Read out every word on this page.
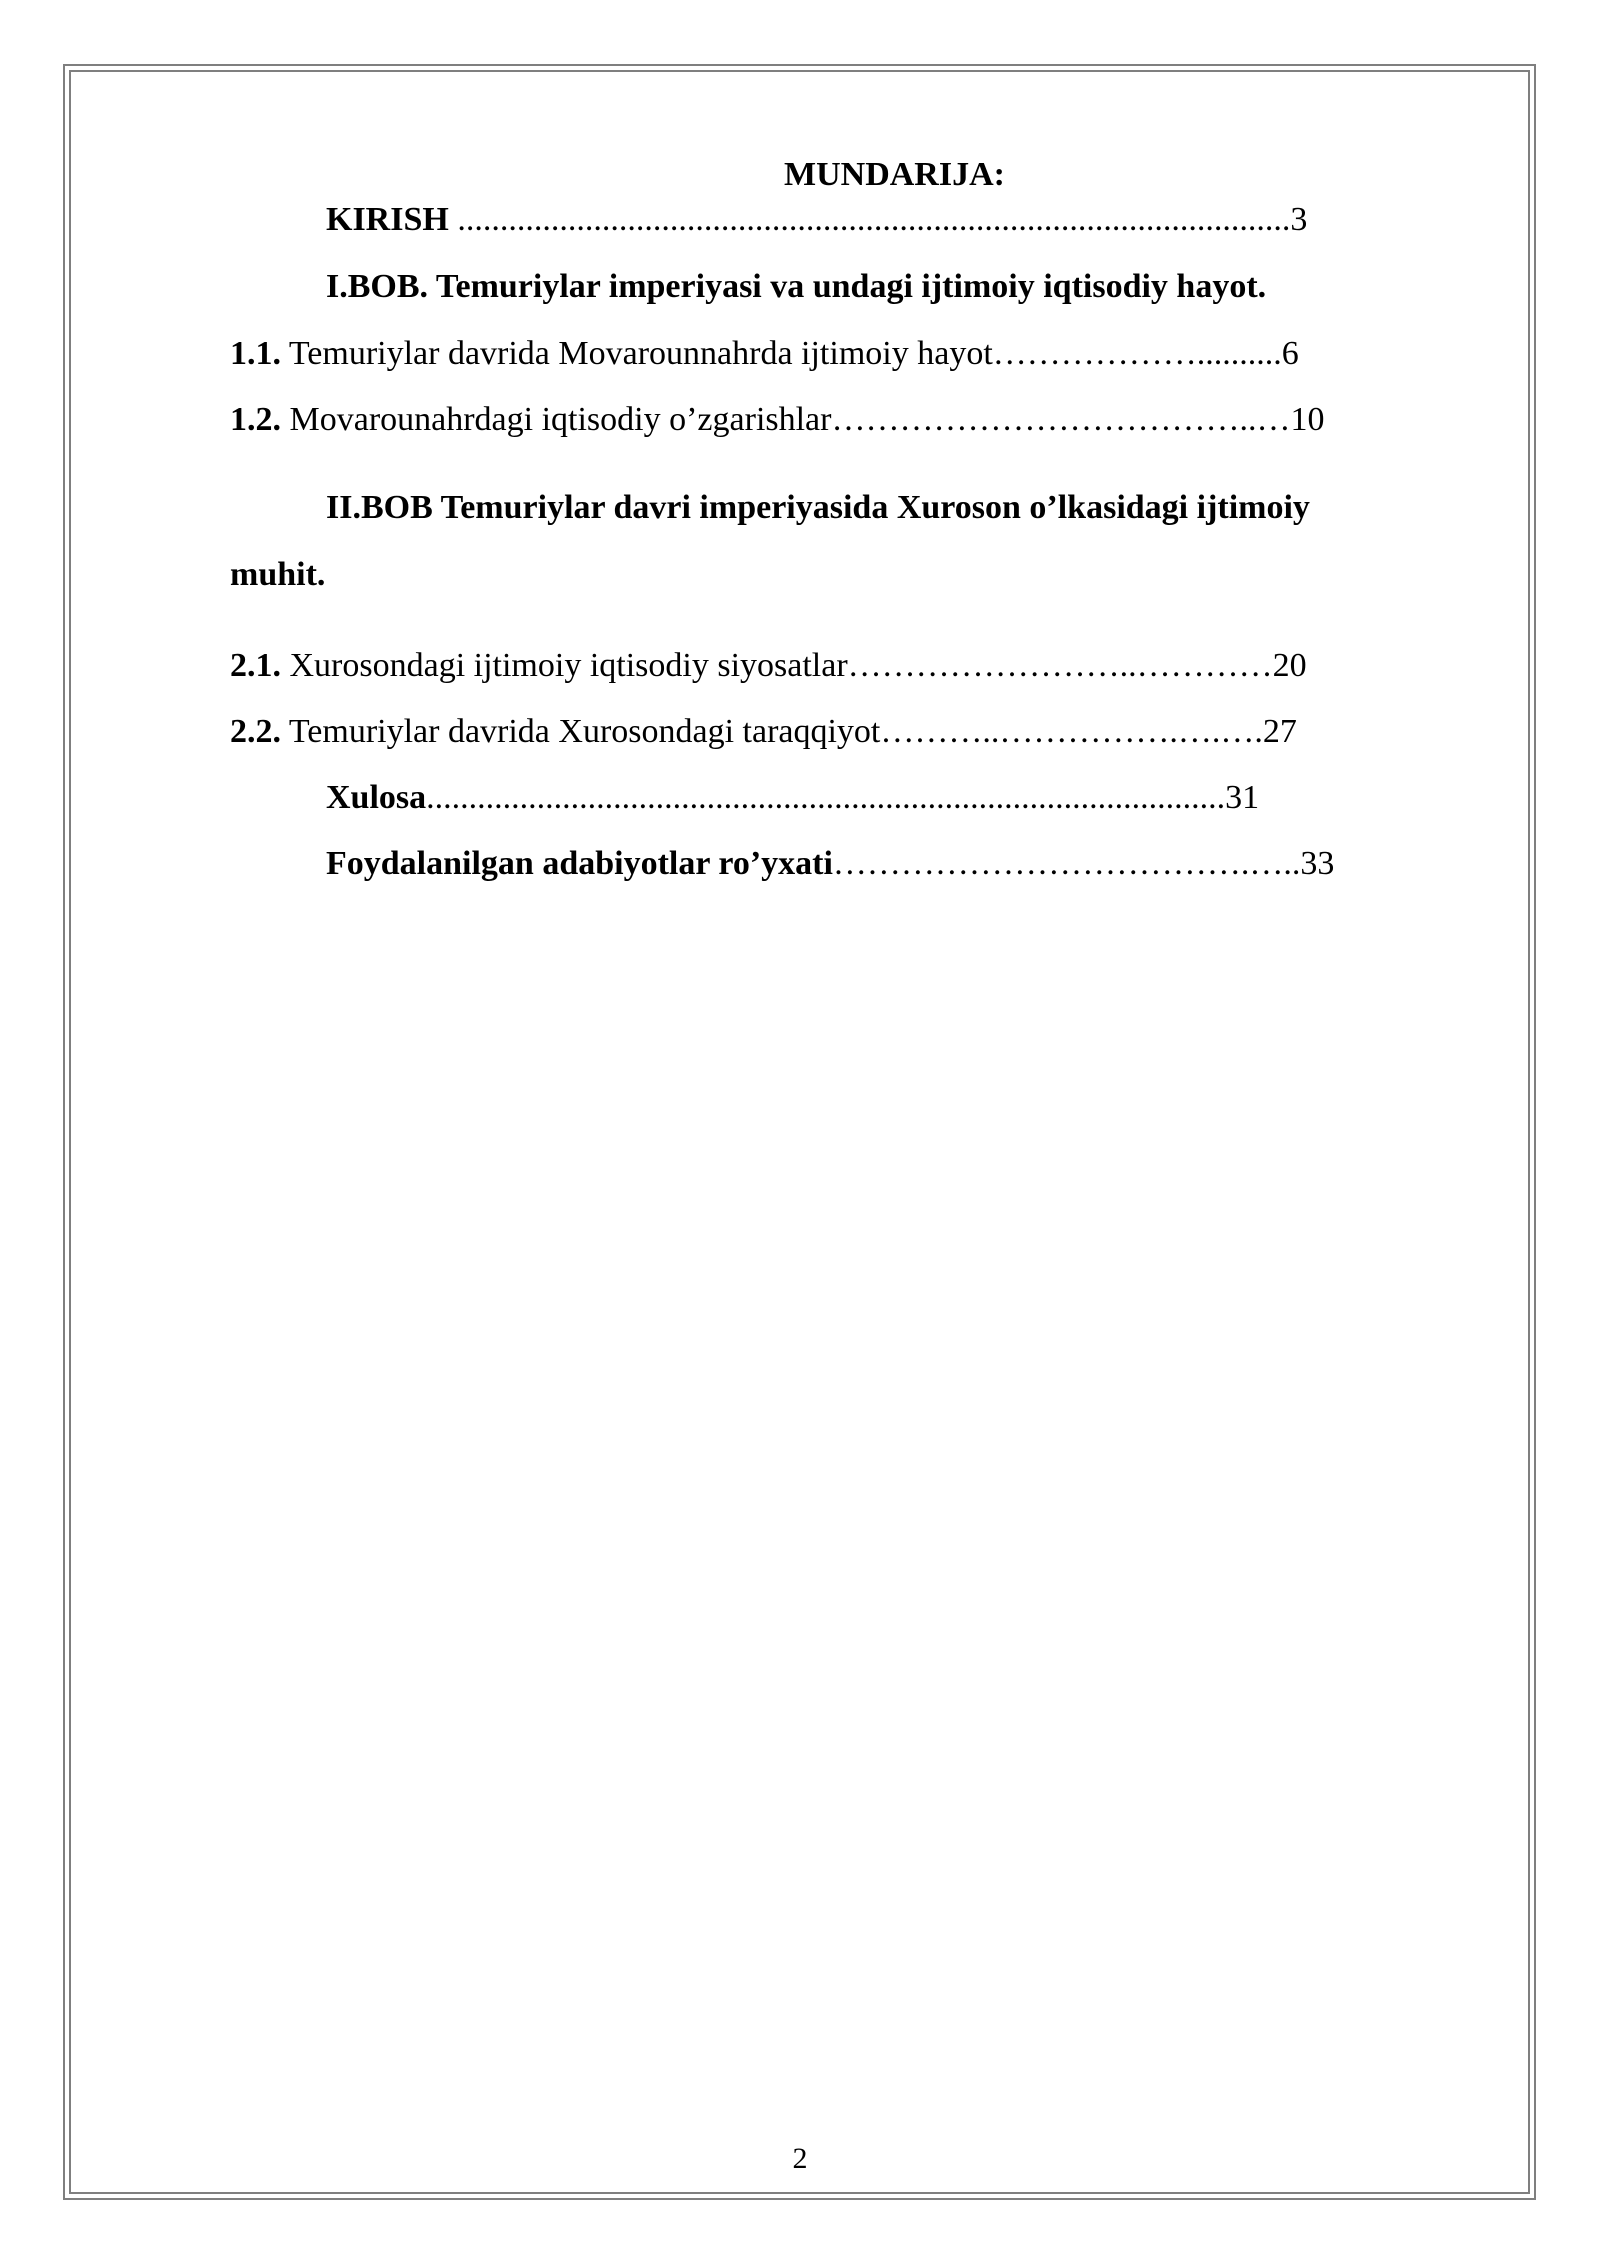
MUNDARIJA:
KIRISH ..................................................................................................3
I.BOB. Temuriylar imperiyasi va undagi ijtimoiy iqtisodiy hayot.
1.1. Temuriylar davrida Movarounnahrda ijtimoiy hayot………………..........6
1.2. Movarounahrdagi iqtisodiy o’zgarishlar………………………………..…10
II.BOB Temuriylar davri imperiyasida Xuroson o’lkasidagi ijtimoiy
muhit.
2.1. Xurosondagi ijtimoiy iqtisodiy siyosatlar……………………..…………20
2.2. Temuriylar davrida Xurosondagi taraqqiyot………..…………….….….27
Xulosa..............................................................................................31
Foydalanilgan adabiyotlar ro’yxati……………………………….…..33
2
